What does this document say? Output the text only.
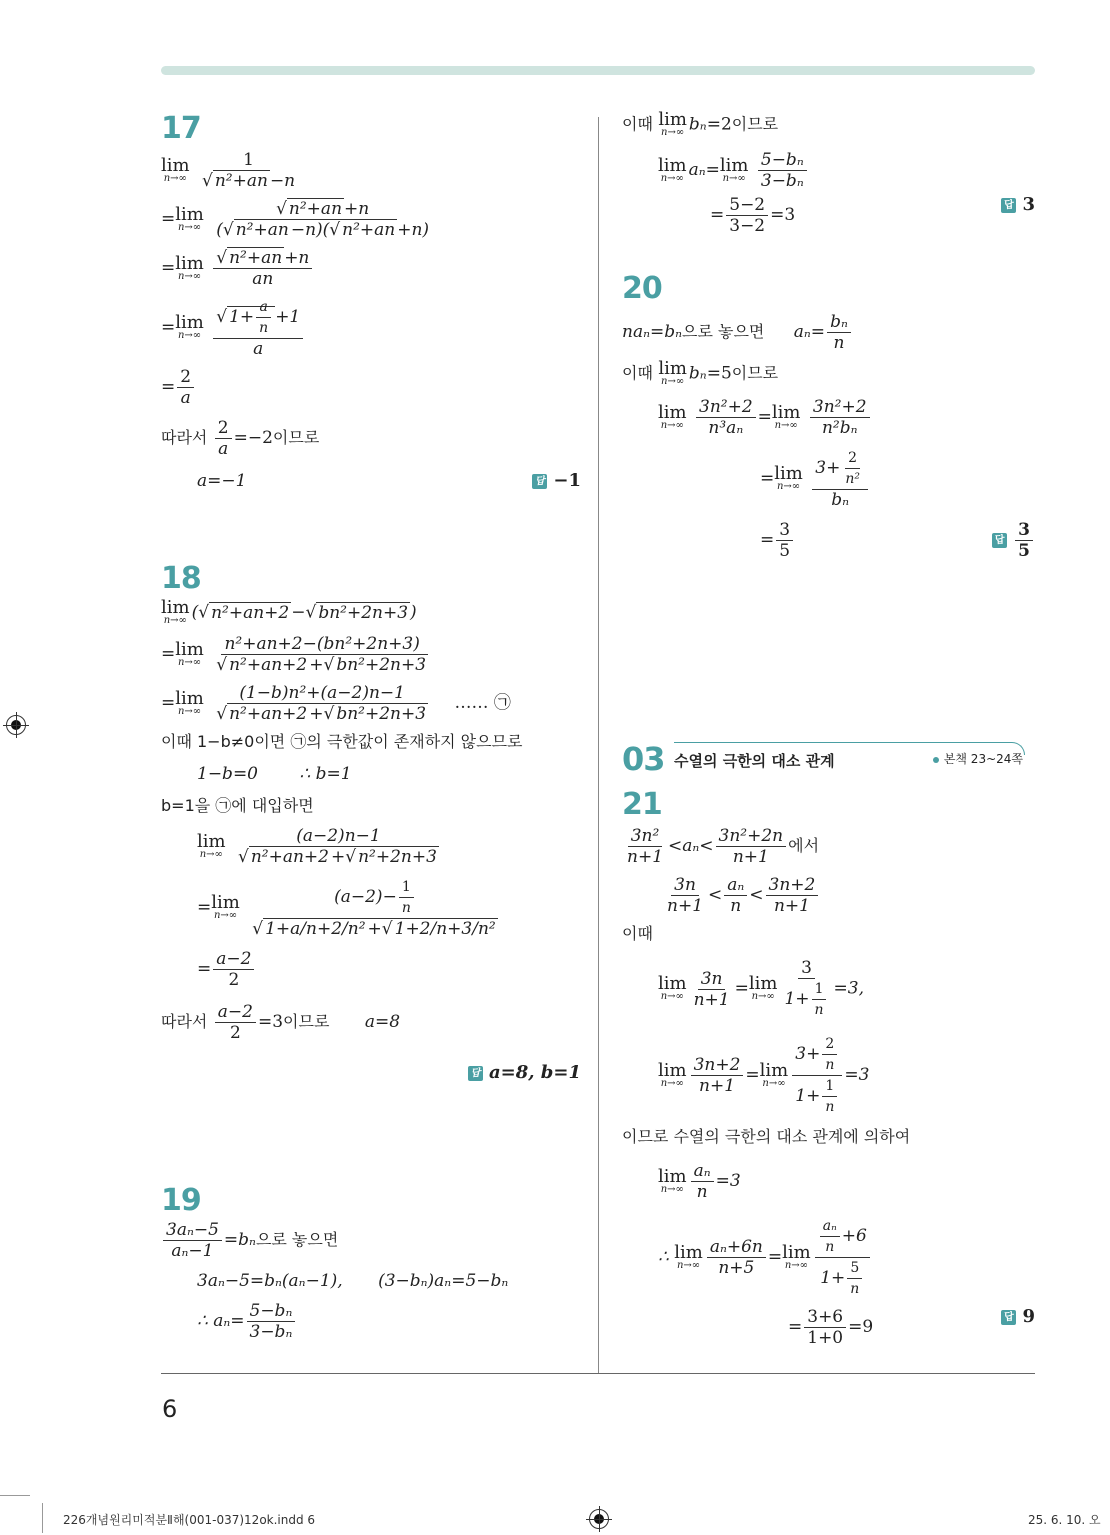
17
lim
n→∞
$\frac{1}{\text{√ n²+an −n}}$
= lim
n→∞
$\frac{\text{√ n²+an +n}}{\text{(√ n²+an −n)(√ n²+an +n)}}$
= lim
n→∞
$\frac{\text{√ n²+an +n}}{an}$
= lim
n→∞
$\frac{√ 1+ \frac{a}{n} +1}{a}$
= $\frac{2}{a}$
따라서 $\frac{2}{a} =-2$이므로
a=−1	답 −1
18
lim
n→∞ (√ n²+an+2 −√ bn²+2n+3 )
= lim
n→∞
$\frac{\text{n²+an+2−(bn²+2n+3)}}{\text{√ n²+an+2 +√ bn²+2n+3}}$
= lim
n→∞
$\frac{\text{(1−b)n²+(a−2)n−1}}{\text{√ n²+an+2 +√ bn²+2n+3}}$ …… ㉠
이때 1−b≠0이면 ㉠의 극한값이 존재하지 않으므로
1−b=0 ∴ b=1
b=1을 ㉠에 대입하면
lim
n→∞
$\frac{(a-2)n-1}{\text{√ n²+an+2 +√ n²+2n+3}}$
= lim
n→∞
$\frac{(a-2)- \frac{1}{n}}{\text{√ 1+a/n+2/n² +√ 1+2/n+3/n²}}$
= $\frac{a-2}{2}$
따라서 $\frac{a-2}{2} =3$이므로 a=8
답 a=8, b=1
19
$\frac{\text{3aₙ−5}}{\text{aₙ−1}} =b_n$으로 놓으면
3aₙ−5=bₙ(aₙ−1), (3−bₙ)aₙ=5−bₙ
∴ $a_n= \frac{\text{5−bₙ}}{\text{3−bₙ}}$
이때 lim
n→∞ bₙ=2이므로
lim
n→∞ aₙ= lim
n→∞
$\frac{\text{5−bₙ}}{\text{3−bₙ}}$
= $\frac{5-2}{3-2} =3$	답 3
20
naₙ=bₙ으로 놓으면 $a_n= \frac{\text{bₙ}}{n}$
이때 lim
n→∞ bₙ=5이므로
lim
n→∞
$\frac{\text{3n²+2}}{\text{n³aₙ}} = \lim$
n→∞
$\frac{\text{3n²+2}}{\text{n²bₙ}}$
= lim
n→∞
$\frac{3+ \frac{2}{\text{n²}}}{\text{bₙ}}$
= $\frac{3}{5}$	답 $\frac{3}{5}$
03 수열의 극한의 대소 관계	본책 23~24쪽
21
$\frac{\text{3n²}}{n+1} <a_n< \frac{\text{3n²+2n}}{n+1}$ 에서
$\frac{3n}{n+1} < \frac{\text{aₙ}}{n} < \frac{3n+2}{n+1}$
이때
lim
$n\to\infty \frac{3n}{n+1} = \lim$
$n\to\infty \frac{3}{1+ \frac{1}{n}} =3$,
lim
$n\to\infty \frac{3n+2}{n+1} = \lim$
$n\to\infty \frac{3+ \frac{2}{n}}{1+ \frac{1}{n}} =3$
이므로 수열의 극한의 대소 관계에 의하여
lim
$n\to\infty \frac{\text{aₙ}}{n} =3$
∴ lim
$n\to\infty \frac{\text{aₙ+6n}}{n+5} = \lim$
$n\to\infty \frac{\frac{\text{aₙ}}{n} +6}{1+ \frac{5}{n}}$
= $\frac{3+6}{1+0} =9$	답 9
6
226개념원리미적분Ⅱ해(001-037)12ok.indd 6	25. 6. 10. 오
